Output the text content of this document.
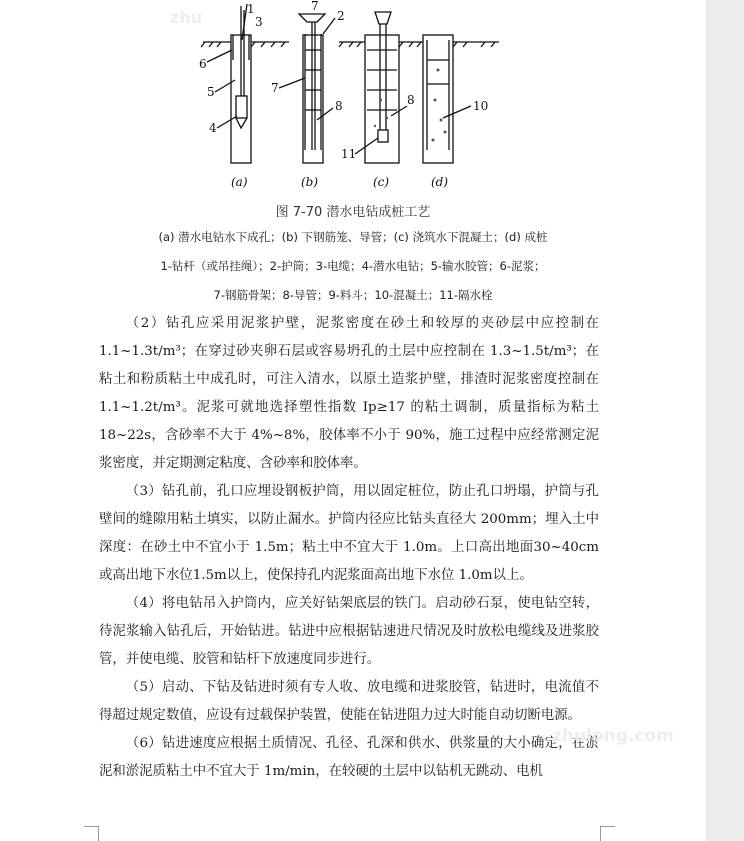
zhu	1
3
7
2
6
5
4
7
11
8	8	10
(a)	(b)	(c)	(d)
图 7-70 潜水电钻成桩工艺
(a) 潜水电钻水下成孔；(b) 下钢筋笼、导管；(c) 浇筑水下混凝土；(d) 成桩
1-钻杆（或吊挂绳）；2-护筒；3-电缆；4-潜水电钻；5-输水胶管；6-泥浆；
7-钢筋骨架；8-导管；9-料斗；10-混凝土；11-隔水栓

（2）钻孔应采用泥浆护壁，泥浆密度在砂土和较厚的夹砂层中应控制在1.1~1.3t/m³；在穿过砂夹卵石层或容易坍孔的土层中应控制在 1.3~1.5t/m³；在粘土和粉质粘土中成孔时，可注入清水，以原土造浆护壁，排渣时泥浆密度控制在1.1~1.2t/m³。泥浆可就地选择塑性指数 Ip≥17 的粘土调制，质量指标为粘土18~22s，含砂率不大于 4%~8%，胶体率不小于 90%，施工过程中应经常测定泥浆密度，并定期测定粘度、含砂率和胶体率。

（3）钻孔前，孔口应埋设钢板护筒，用以固定桩位，防止孔口坍塌，护筒与孔壁间的缝隙用粘土填实，以防止漏水。护筒内径应比钻头直径大 200mm；埋入土中深度：在砂土中不宜小于 1.5m；粘土中不宜大于 1.0m。上口高出地面30~40cm或高出地下水位1.5m以上，使保持孔内泥浆面高出地下水位 1.0m以上。

（4）将电钻吊入护筒内，应关好钻架底层的铁门。启动砂石泵，使电钻空转，待泥浆输入钻孔后，开始钻进。钻进中应根据钻速进尺情况及时放松电缆线及进浆胶管，并使电缆、胶管和钻杆下放速度同步进行。

（5）启动、下钻及钻进时须有专人收、放电缆和进浆胶管，钻进时，电流值不得超过规定数值，应设有过载保护装置，使能在钻进阻力过大时能自动切断电源。

（6）钻进速度应根据土质情况、孔径、孔深和供水、供浆量的大小确定，在淤泥和淤泥质粘土中不宜大于 1m/min，在较硬的土层中以钻机无跳动、电机

zhulong.com
